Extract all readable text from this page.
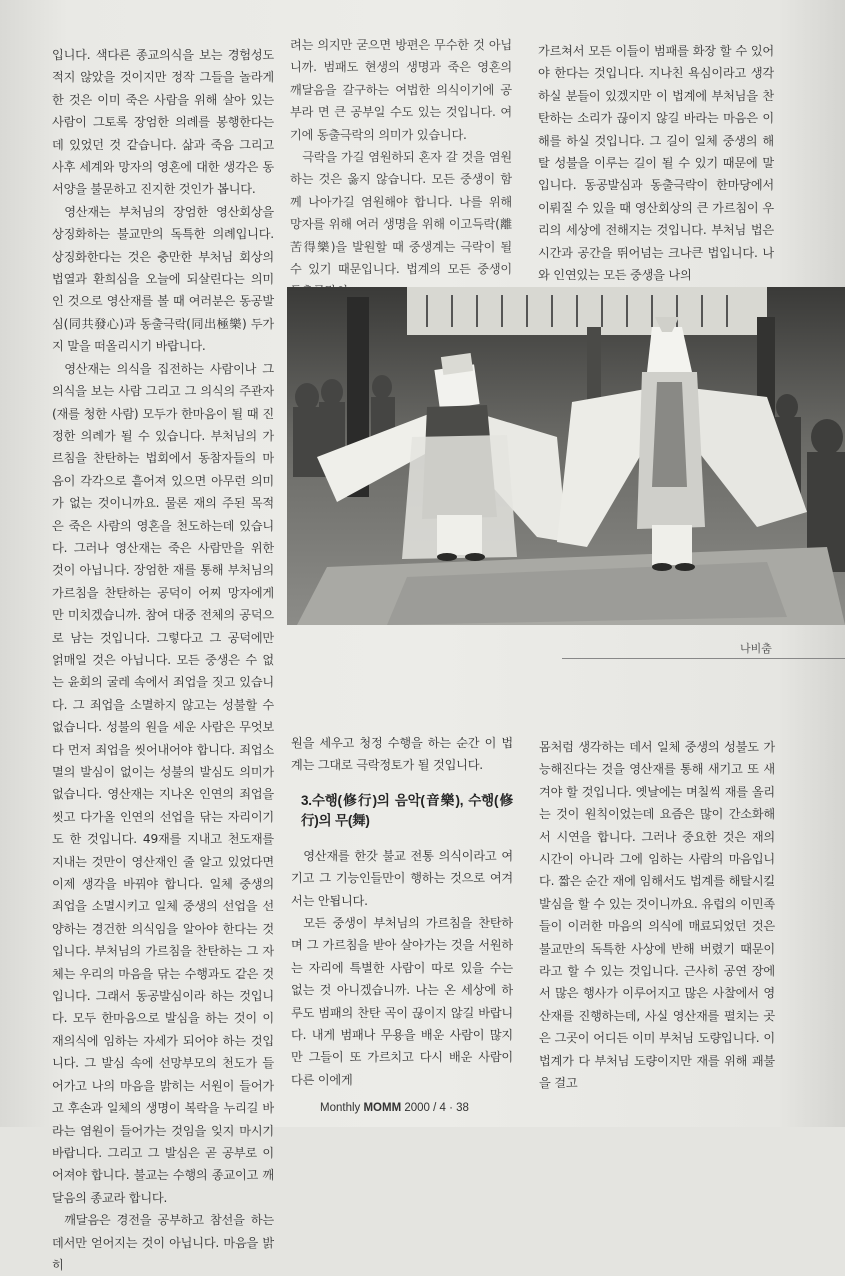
입니다. 색다른 종교의식을 보는 경험성도 적지 않았을 것이지만 정작 그들을 놀라게 한 것은 이미 죽은 사람을 위해 살아 있는 사람이 그토록 장엄한 의례를 봉행한다는데 있었던 것 같습니다. 삶과 죽음 그리고 사후 세계와 망자의 영혼에 대한 생각은 동서양을 불문하고 진지한 것인가 봅니다.

영산재는 부처님의 장엄한 영산회상을 상징화하는 불교만의 독특한 의례입니다. 상징화한다는 것은 충만한 부처님 회상의 법열과 환희심을 오늘에 되살린다는 의미인 것으로 영산재를 볼 때 여러분은 동공발심(同共發心)과 동출극락(同出極樂) 두가지 말을 떠올리시기 바랍니다.

영산재는 의식을 집전하는 사람이나 그 의식을 보는 사람 그리고 그 의식의 주관자(재를 청한 사람) 모두가 한마음이 될 때 진정한 의례가 될 수 있습니다. 부처님의 가르침을 찬탄하는 법회에서 동참자들의 마음이 각각으로 흩어져 있으면 아무런 의미가 없는 것이니까요. 물론 재의 주된 목적은 죽은 사람의 영혼을 천도하는데 있습니다. 그러나 영산재는 죽은 사람만을 위한 것이 아닙니다. 장엄한 재를 통해 부처님의 가르침을 찬탄하는 공덕이 어찌 망자에게만 미치겠습니까. 참여 대중 전체의 공덕으로 남는 것입니다. 그렇다고 그 공덕에만 얽매일 것은 아닙니다. 모든 중생은 수 없는 윤회의 굴레 속에서 죄업을 짓고 있습니다. 그 죄업을 소멸하지 않고는 성불할 수 없습니다. 성불의 원을 세운 사람은 무엇보다 먼저 죄업을 씻어내어야 합니다. 죄업소멸의 발심이 없이는 성불의 발심도 의미가 없습니다. 영산재는 지나온 인연의 죄업을 씻고 다가올 인연의 선업을 닦는 자리이기도 한 것입니다. 49재를 지내고 천도재를 지내는 것만이 영산재인 줄 알고 있었다면 이제 생각을 바꿔야 합니다. 일체 중생의 죄업을 소멸시키고 일체 중생의 선업을 선양하는 경건한 의식임을 알아야 한다는 것입니다. 부처님의 가르침을 찬탄하는 그 자체는 우리의 마음을 닦는 수행과도 같은 것입니다. 그래서 동공발심이라 하는 것입니다. 모두 한마음으로 발심을 하는 것이 이 재의식에 임하는 자세가 되어야 하는 것입니다. 그 발심 속에 선망부모의 천도가 들어가고 나의 마음을 밝히는 서원이 들어가고 후손과 일체의 생명이 복락을 누리길 바라는 염원이 들어가는 것임을 잊지 마시기 바랍니다. 그리고 그 발심은 곧 공부로 이어져야 합니다. 불교는 수행의 종교이고 깨달음의 종교라 합니다.

깨달음은 경전을 공부하고 참선을 하는데서만 얻어지는 것이 아닙니다. 마음을 밝히

려는 의지만 굳으면 방편은 무수한 것 아닙니까. 범패도 현생의 생명과 죽은 영혼의 깨달음을 갈구하는 여법한 의식이기에 공부라 면 큰 공부일 수도 있는 것입니다. 여기에 동출극락의 의미가 있습니다.

극락을 가길 염원하되 혼자 갈 것을 염원하는 것은 옳지 않습니다. 모든 중생이 함께 나아가길 염원해야 합니다. 나를 위해 망자를 위해 여러 생명을 위해 이고득락(離苦得樂)을 발원할 때 중생계는 극락이 될 수 있기 때문입니다. 법계의 모든 중생이

가르쳐서 모든 이들이 범패를 화장 할 수 있어야 한다는 것입니다. 지나친 욕심이라고 생각하실 분들이 있겠지만 이 법계에 부처님을 찬탄하는 소리가 끊이지 않길 바라는 마음은 이해를 하실 것입니다. 그 길이 일체 중생의 해탈 성불을 이루는 길이 될 수 있기 때문에 말입니다. 동공발심과 동출극락이 한마당에서 이뤄질 수 있을 때 영산회상의 큰 가르침이 우리의 세상에 전해지는 것입니다. 부처님 법은 시간과 공간을 뛰어넘는 크나큰 법입니다. 나와 인연있는 모든 중생을 나의

나비춤

원을 세우고 청정 수행을 하는 순간 이 법계는 그대로 극락정토가 될 것입니다.

3.수행(修行)의 음악(音樂), 수행(修行)의 무(舞)

영산재를 한갓 불교 전통 의식이라고 여기고 그 기능인들만이 행하는 것으로 여겨서는 안됩니다.

모든 중생이 부처님의 가르침을 찬탄하며 그 가르침을 받아 살아가는 것을 서원하는 자리에 특별한 사람이 따로 있을 수는 없는 것 아니겠습니까. 나는 온 세상에 하루도 범패의 찬탄 곡이 끊이지 않길 바랍니다. 내게 범패나 무용을 배운 사람이 많지만 그들이 또 가르치고 다시 배운 사람이 다른 이에게

몸처럼 생각하는 데서 일체 중생의 성불도 가능해진다는 것을 영산재를 통해 새기고 또 새겨야 할 것입니다. 옛날에는 며칠씩 재를 올리는 것이 원칙이었는데 요즘은 많이 간소화해서 시연을 합니다. 그러나 중요한 것은 재의 시간이 아니라 그에 임하는 사람의 마음입니다. 짧은 순간 재에 임해서도 법계를 해탈시킬 발심을 할 수 있는 것이니까요. 유럽의 이민족들이 이러한 마음의 의식에 매료되었던 것은 불교만의 독특한 사상에 반해 버렸기 때문이라고 할 수 있는 것입니다. 근사히 공연 장에서 많은 행사가 이루어지고 많은 사찰에서 영산재를 진행하는데, 사실 영산재를 펼치는 곳은 그곳이 어디든 이미 부처님 도량입니다. 이 법계가 다 부처님 도량이지만 재를 위해 괘불을 걸고

Monthly MOMM 2000 / 4 · 38
